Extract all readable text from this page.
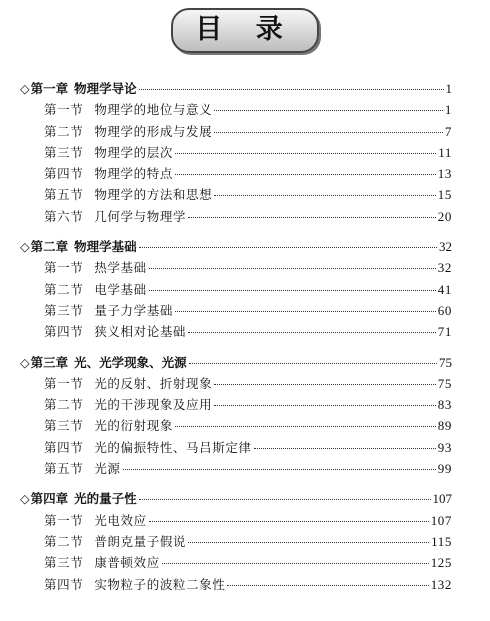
目 录
◇第一章 物理学导论	1
第一节 物理学的地位与意义	1
第二节 物理学的形成与发展	7
第三节 物理学的层次	11
第四节 物理学的特点	13
第五节 物理学的方法和思想	15
第六节 几何学与物理学	20
◇第二章 物理学基础	32
第一节 热学基础	32
第二节 电学基础	41
第三节 量子力学基础	60
第四节 狭义相对论基础	71
◇第三章 光、光学现象、光源	75
第一节 光的反射、折射现象	75
第二节 光的干涉现象及应用	83
第三节 光的衍射现象	89
第四节 光的偏振特性、马吕斯定律	93
第五节 光源	99
◇第四章 光的量子性	107
第一节 光电效应	107
第二节 普朗克量子假说	115
第三节 康普顿效应	125
第四节 实物粒子的波粒二象性	132
